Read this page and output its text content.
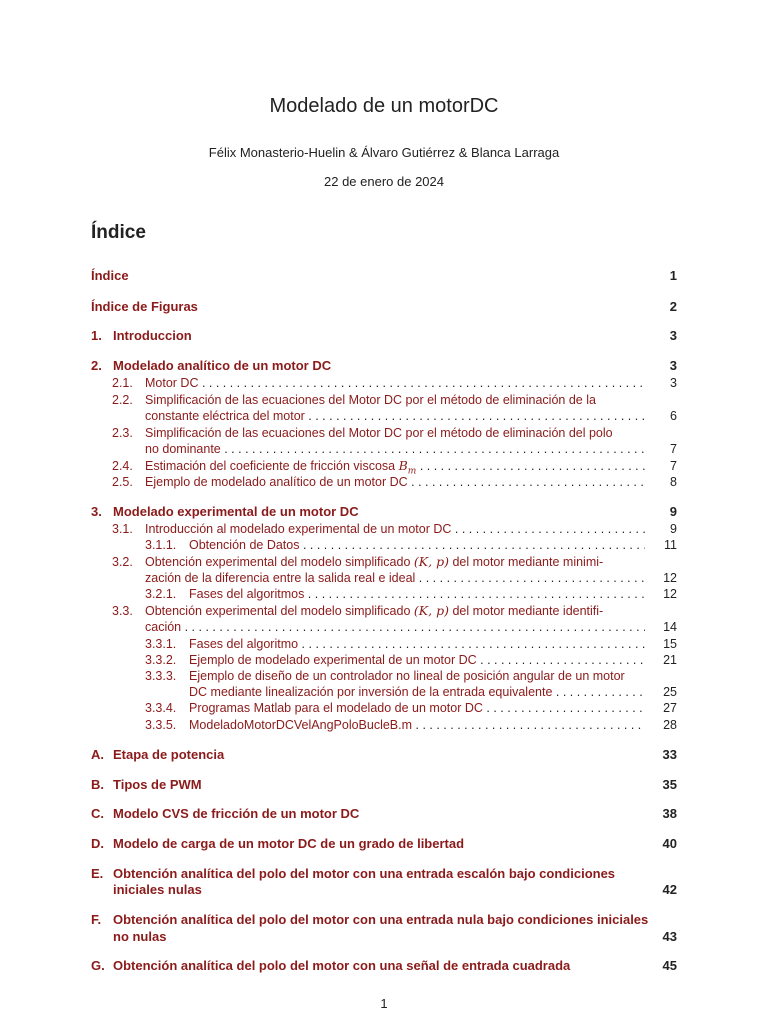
Modelado de un motorDC
Félix Monasterio-Huelin & Álvaro Gutiérrez & Blanca Larraga
22 de enero de 2024
Índice
Índice	1
Índice de Figuras	2
1. Introduccion	3
2. Modelado analítico de un motor DC	3
2.1. Motor DC . . .	3
2.2. Simplificación de las ecuaciones del Motor DC por el método de eliminación de la
constante eléctrica del motor . . .	6
2.3. Simplificación de las ecuaciones del Motor DC por el método de eliminación del polo
no dominante . . .	7
2.4. Estimación del coeficiente de fricción viscosa $B_m$ . . .	7
2.5. Ejemplo de modelado analítico de un motor DC . . .	8
3. Modelado experimental de un motor DC	9
3.1. Introducción al modelado experimental de un motor DC . . .	9
3.1.1.	Obtención de Datos . . .	11
3.2. Obtención experimental del modelo simplificado (K, p) del motor mediante minimi-
zación de la diferencia entre la salida real e ideal . . .	12
3.2.1.	Fases del algoritmos . . .	12
3.3. Obtención experimental del modelo simplificado (K, p) del motor mediante identifi-
cación . . .	14
3.3.1.	Fases del algoritmo . . .	15
3.3.2.	Ejemplo de modelado experimental de un motor DC . . .	21
3.3.3.	Ejemplo de diseño de un controlador no lineal de posición angular de un motor
DC mediante linealización por inversión de la entrada equivalente . . .	25
3.3.4.	Programas Matlab para el modelado de un motor DC . . .	27
3.3.5.	ModeladoMotorDCVelAngPoloBucleB.m . . .	28
A. Etapa de potencia	33
B. Tipos de PWM	35
C. Modelo CVS de fricción de un motor DC	38
D. Modelo de carga de un motor DC de un grado de libertad	40
E. Obtención analítica del polo del motor con una entrada escalón bajo condiciones
iniciales nulas	42
F. Obtención analítica del polo del motor con una entrada nula bajo condiciones iniciales
no nulas	43
G. Obtención analítica del polo del motor con una señal de entrada cuadrada	45
1
